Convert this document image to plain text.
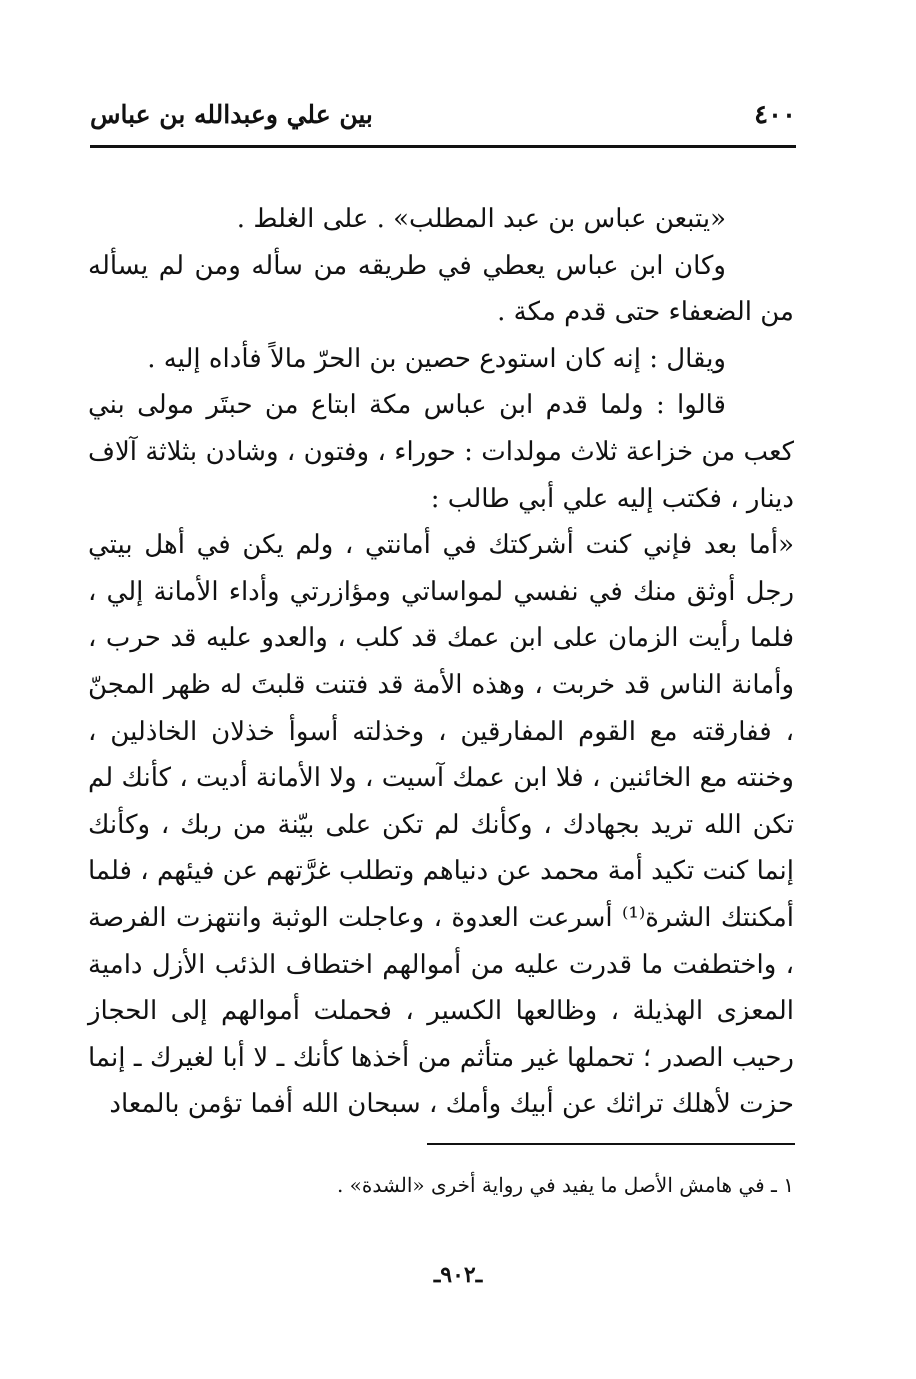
٤٠٠
بين علي وعبدالله بن عباس

«يتبعن عباس بن عبد المطلب» . على الغلط .

وكان ابن عباس يعطي في طريقه من سأله ومن لم يسأله من الضعفاء حتى قدم مكة .

ويقال : إنه كان استودع حصين بن الحرّ مالاً فأداه إليه .

قالوا : ولما قدم ابن عباس مكة ابتاع من حبتَر مولى بني كعب من خزاعة ثلاث مولدات : حوراء ، وفتون ، وشادن بثلاثة آلاف دينار ، فكتب إليه علي أبي طالب :

«أما بعد فإني كنت أشركتك في أمانتي ، ولم يكن في أهل بيتي رجل أوثق منك في نفسي لمواساتي ومؤازرتي وأداء الأمانة إلي ، فلما رأيت الزمان على ابن عمك قد كلب ، والعدو عليه قد حرب ، وأمانة الناس قد خربت ، وهذه الأمة قد فتنت قلبتَ له ظهر المجنّ ، ففارقته مع القوم المفارقين ، وخذلته أسوأ خذلان الخاذلين ، وخنته مع الخائنين ، فلا ابن عمك آسيت ، ولا الأمانة أديت ، كأنك لم تكن الله تريد بجهادك ، وكأنك لم تكن على بيّنة من ربك ، وكأنك إنما كنت تكيد أمة محمد عن دنياهم وتطلب غرَّتهم عن فيئهم ، فلما أمكنتك الشرة⁽¹⁾ أسرعت العدوة ، وعاجلت الوثبة وانتهزت الفرصة ، واختطفت ما قدرت عليه من أموالهم اختطاف الذئب الأزل دامية المعزى الهذيلة ، وظالعها الكسير ، فحملت أموالهم إلى الحجاز رحيب الصدر ؛ تحملها غير متأثم من أخذها كأنك ـ لا أبا لغيرك ـ إنما حزت لأهلك تراثك عن أبيك وأمك ، سبحان الله أفما تؤمن بالمعاد

١ ـ في هامش الأصل ما يفيد في رواية أخرى «الشدة» .
ـ٩٠٢ـ
